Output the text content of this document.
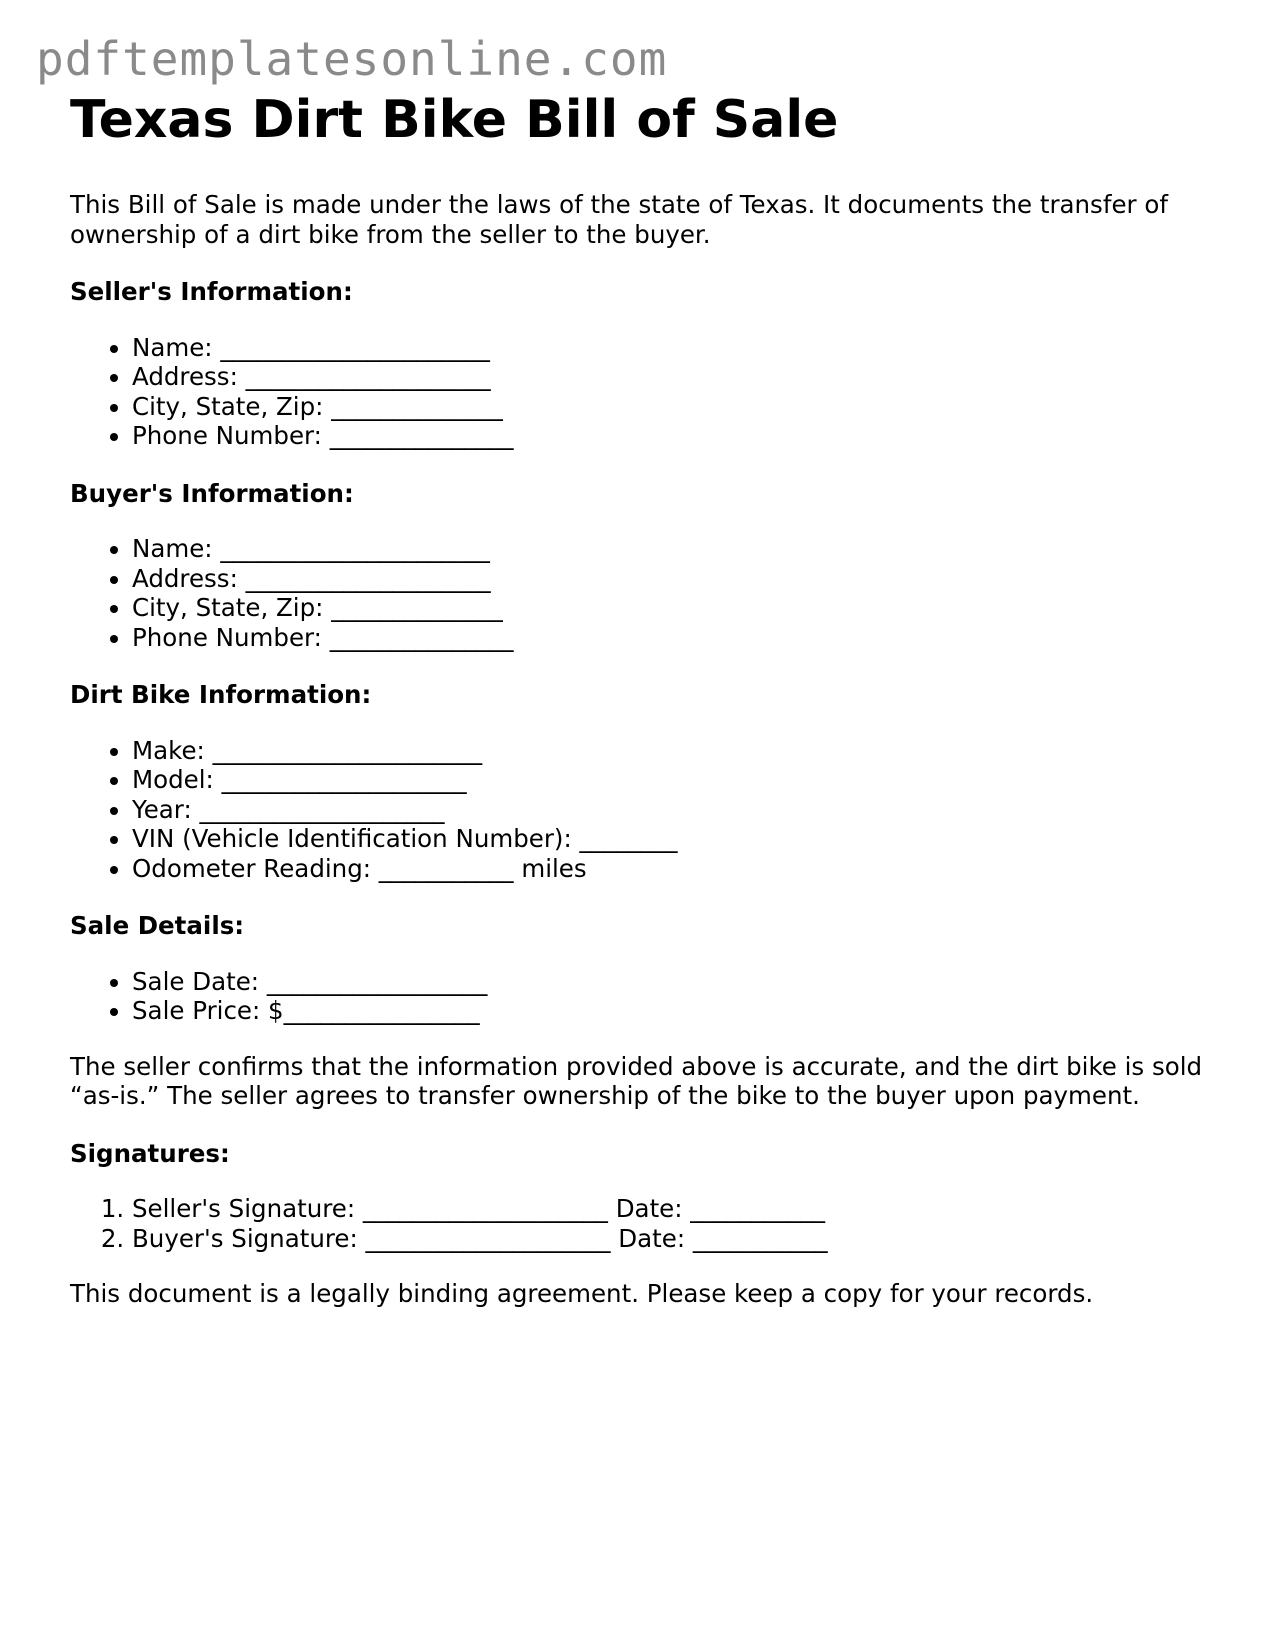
pdftemplatesonline.com
Texas Dirt Bike Bill of Sale

This Bill of Sale is made under the laws of the state of Texas. It documents the transfer of ownership of a dirt bike from the seller to the buyer.

Seller's Information:
• Name: ______________________
• Address: ____________________
• City, State, Zip: ______________
• Phone Number: _______________
Buyer's Information:
• Name: ______________________
• Address: ____________________
• City, State, Zip: ______________
• Phone Number: _______________
Dirt Bike Information:
• Make: ______________________
• Model: ____________________
• Year: ____________________
• VIN (Vehicle Identification Number): ________
• Odometer Reading: ___________ miles
Sale Details:
• Sale Date: __________________
• Sale Price: $________________

The seller confirms that the information provided above is accurate, and the dirt bike is sold “as-is.” The seller agrees to transfer ownership of the bike to the buyer upon payment.

Signatures:
1. Seller's Signature: ____________________ Date: ___________
2. Buyer's Signature: ____________________ Date: ___________

This document is a legally binding agreement. Please keep a copy for your records.
